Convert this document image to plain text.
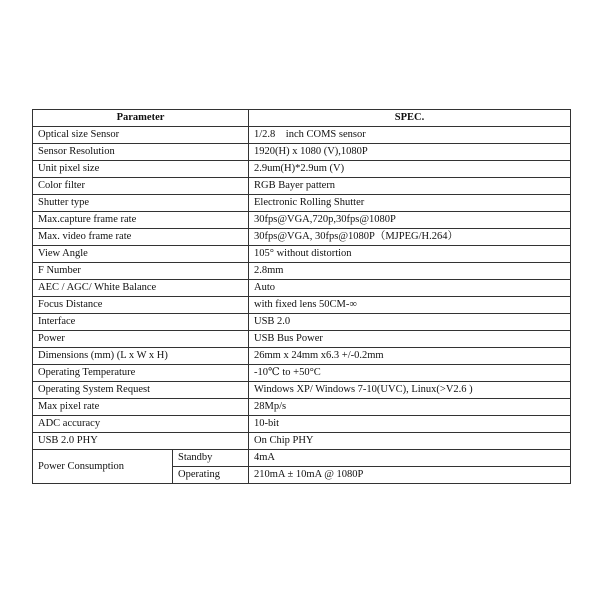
Parameter		SPEC.
Optical size Sensor		1/2.8 inch COMS sensor
Sensor Resolution		1920(H) x 1080 (V),1080P
Unit pixel size		2.9um(H)*2.9um (V)
Color filter		RGB Bayer pattern
Shutter type		Electronic Rolling Shutter
Max.capture frame rate		30fps@VGA,720p,30fps@1080P
Max. video frame rate		30fps@VGA, 30fps@1080P（MJPEG/H.264）
View Angle		105° without distortion
F Number		2.8mm
AEC / AGC/ White Balance		Auto
Focus Distance		with fixed lens 50CM-∞
Interface		USB 2.0
Power		USB Bus Power
Dimensions (mm) (L x W x H)		26mm x 24mm x6.3 +/-0.2mm
Operating Temperature		-10℃ to +50°C
Operating System Request		Windows XP/ Windows 7-10(UVC), Linux(>V2.6 )
Max pixel rate		28Mp/s
ADC accuracy		10-bit
USB 2.0 PHY		On Chip PHY
Power Consumption	Standby	4mA
	Operating	210mA ± 10mA @ 1080P
